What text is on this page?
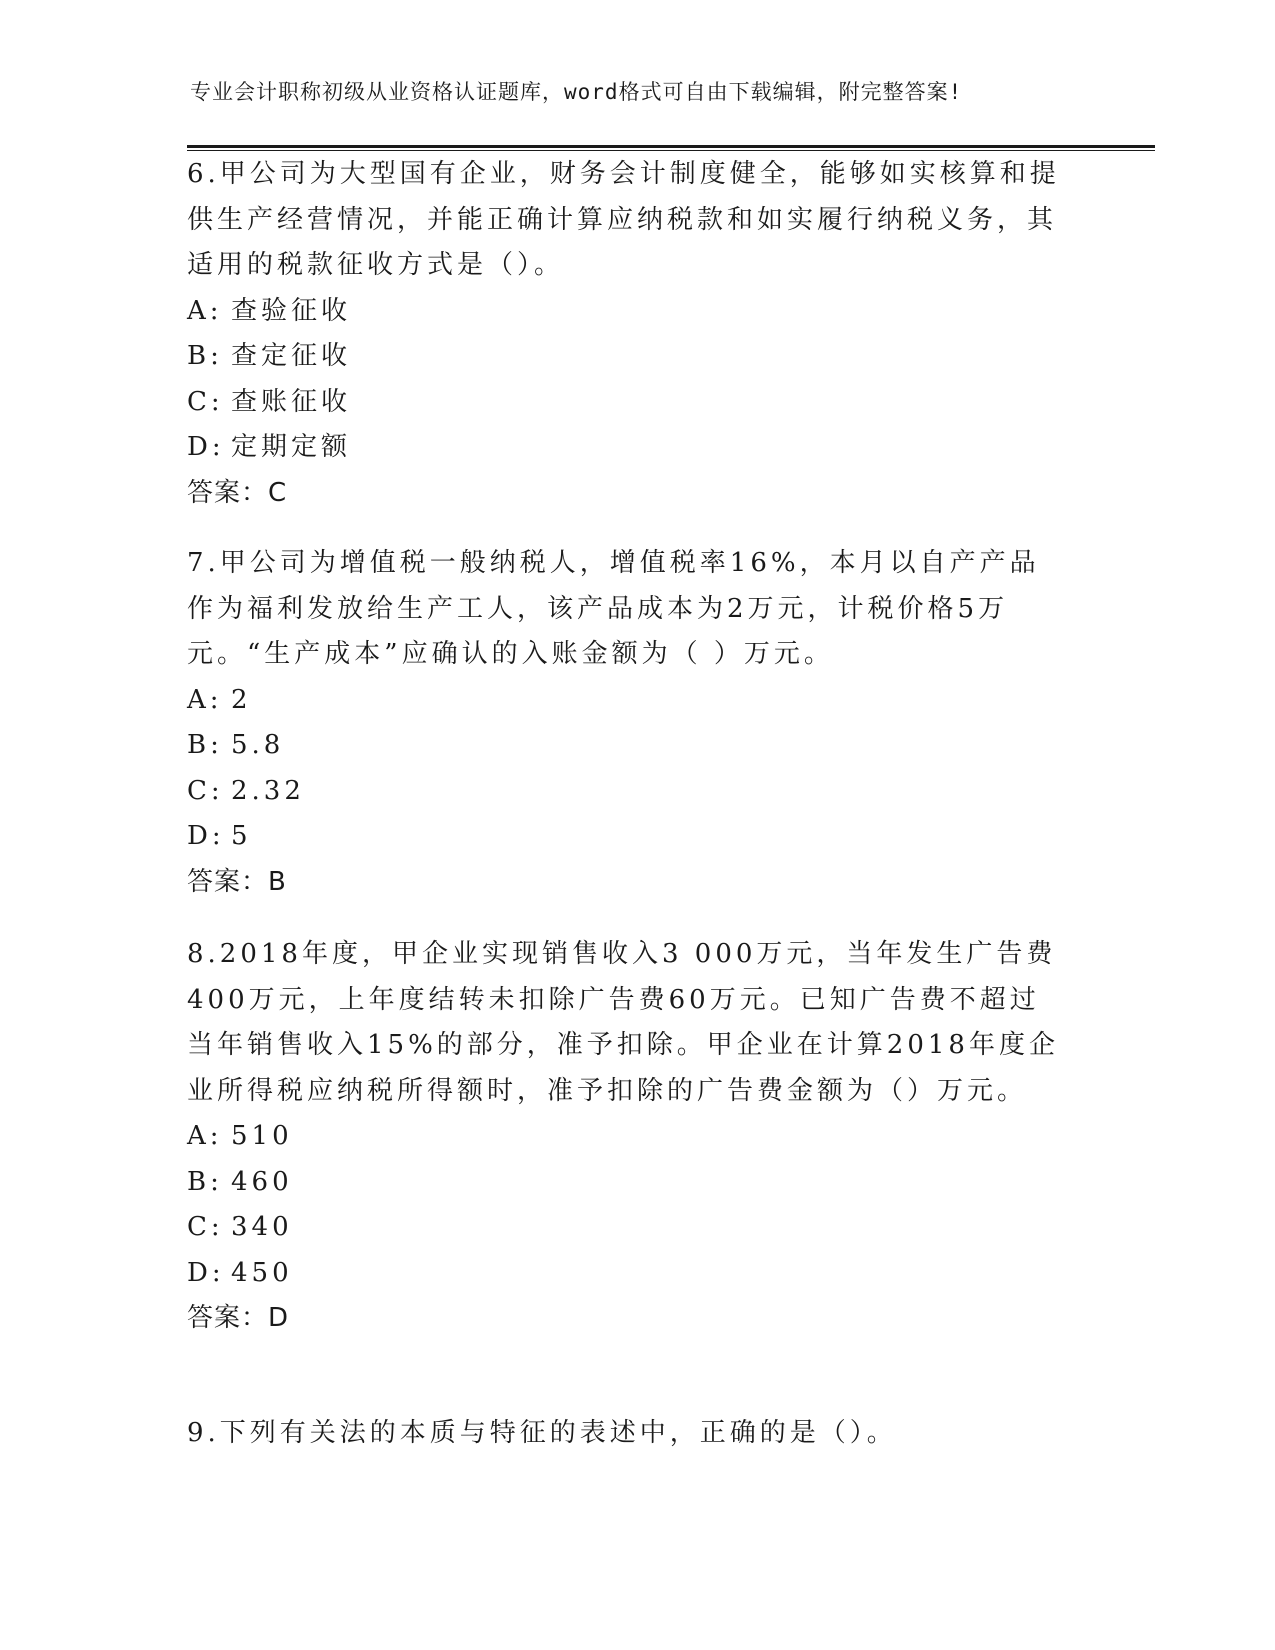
专业会计职称初级从业资格认证题库，word格式可自由下载编辑，附完整答案!

6.甲公司为大型国有企业，财务会计制度健全，能够如实核算和提供生产经营情况，并能正确计算应纳税款和如实履行纳税义务，其适用的税款征收方式是（）。

A: 查验征收

B: 查定征收

C: 查账征收

D: 定期定额

答案：C

7.甲公司为增值税一般纳税人，增值税率16%，本月以自产产品作为福利发放给生产工人，该产品成本为2万元，计税价格5万元。“生产成本”应确认的入账金额为（ ）万元。

A: 2

B: 5.8

C: 2.32

D: 5

答案：B

8.2018年度，甲企业实现销售收入3 000万元，当年发生广告费400万元，上年度结转未扣除广告费60万元。已知广告费不超过当年销售收入15%的部分，准予扣除。甲企业在计算2018年度企业所得税应纳税所得额时，准予扣除的广告费金额为（）万元。

A: 510

B: 460

C: 340

D: 450

答案：D

9.下列有关法的本质与特征的表述中，正确的是（）。
